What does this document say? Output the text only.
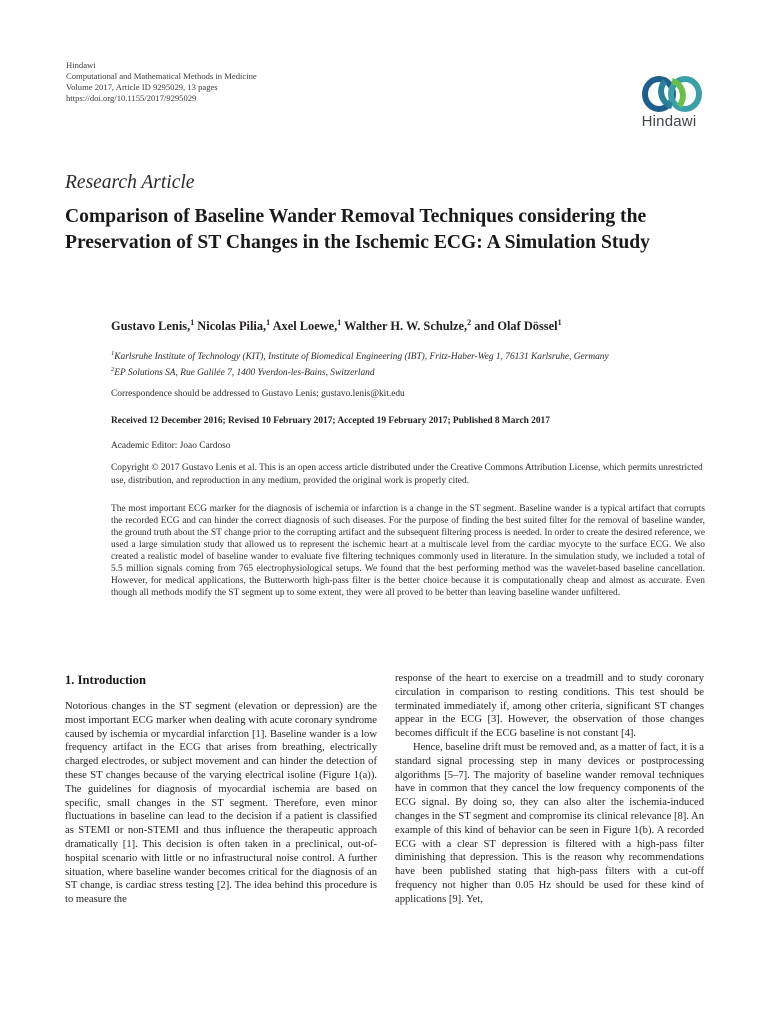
Hindawi
Computational and Mathematical Methods in Medicine
Volume 2017, Article ID 9295029, 13 pages
https://doi.org/10.1155/2017/9295029
Hindawi
Research Article
Comparison of Baseline Wander Removal Techniques considering the Preservation of ST Changes in the Ischemic ECG: A Simulation Study
Gustavo Lenis,$^1$ Nicolas Pilia,$^1$ Axel Loewe,$^1$ Walther H. W. Schulze,$^2$ and Olaf Dössel$^1$
$^1$Karlsruhe Institute of Technology (KIT), Institute of Biomedical Engineering (IBT), Fritz-Haber-Weg 1, 76131 Karlsruhe, Germany
$^2$EP Solutions SA, Rue Galilée 7, 1400 Yverdon-les-Bains, Switzerland
Correspondence should be addressed to Gustavo Lenis; gustavo.lenis@kit.edu
Received 12 December 2016; Revised 10 February 2017; Accepted 19 February 2017; Published 8 March 2017
Academic Editor: Joao Cardoso
Copyright © 2017 Gustavo Lenis et al. This is an open access article distributed under the Creative Commons Attribution License, which permits unrestricted use, distribution, and reproduction in any medium, provided the original work is properly cited.
The most important ECG marker for the diagnosis of ischemia or infarction is a change in the ST segment. Baseline wander is a typical artifact that corrupts the recorded ECG and can hinder the correct diagnosis of such diseases. For the purpose of finding the best suited filter for the removal of baseline wander, the ground truth about the ST change prior to the corrupting artifact and the subsequent filtering process is needed. In order to create the desired reference, we used a large simulation study that allowed us to represent the ischemic heart at a multiscale level from the cardiac myocyte to the surface ECG. We also created a realistic model of baseline wander to evaluate five filtering techniques commonly used in literature. In the simulation study, we included a total of 5.5 million signals coming from 765 electrophysiological setups. We found that the best performing method was the wavelet-based baseline cancellation. However, for medical applications, the Butterworth high-pass filter is the better choice because it is computationally cheap and almost as accurate. Even though all methods modify the ST segment up to some extent, they were all proved to be better than leaving baseline wander unfiltered.
1. Introduction

Notorious changes in the ST segment (elevation or depression) are the most important ECG marker when dealing with acute coronary syndrome caused by ischemia or mycardial infarction [1]. Baseline wander is a low frequency artifact in the ECG that arises from breathing, electrically charged electrodes, or subject movement and can hinder the detection of these ST changes because of the varying electrical isoline (Figure 1(a)). The guidelines for diagnosis of myocardial ischemia are based on specific, small changes in the ST segment. Therefore, even minor fluctuations in baseline can lead to the decision if a patient is classified as STEMI or non-STEMI and thus influence the therapeutic approach dramatically [1]. This decision is often taken in a preclinical, out-of-hospital scenario with little or no infrastructural noise control. A further situation, where baseline wander becomes critical for the diagnosis of an ST change, is cardiac stress testing [2]. The idea behind this procedure is to measure the

response of the heart to exercise on a treadmill and to study coronary circulation in comparison to resting conditions. This test should be terminated immediately if, among other criteria, significant ST changes appear in the ECG [3]. However, the observation of those changes becomes difficult if the ECG baseline is not constant [4].

Hence, baseline drift must be removed and, as a matter of fact, it is a standard signal processing step in many devices or postprocessing algorithms [5–7]. The majority of baseline wander removal techniques have in common that they cancel the low frequency components of the ECG signal. By doing so, they can also alter the ischemia-induced changes in the ST segment and compromise its clinical relevance [8]. An example of this kind of behavior can be seen in Figure 1(b). A recorded ECG with a clear ST depression is filtered with a high-pass filter diminishing that depression. This is the reason why recommendations have been published stating that high-pass filters with a cut-off frequency not higher than 0.05 Hz should be used for these kind of applications [9]. Yet,
